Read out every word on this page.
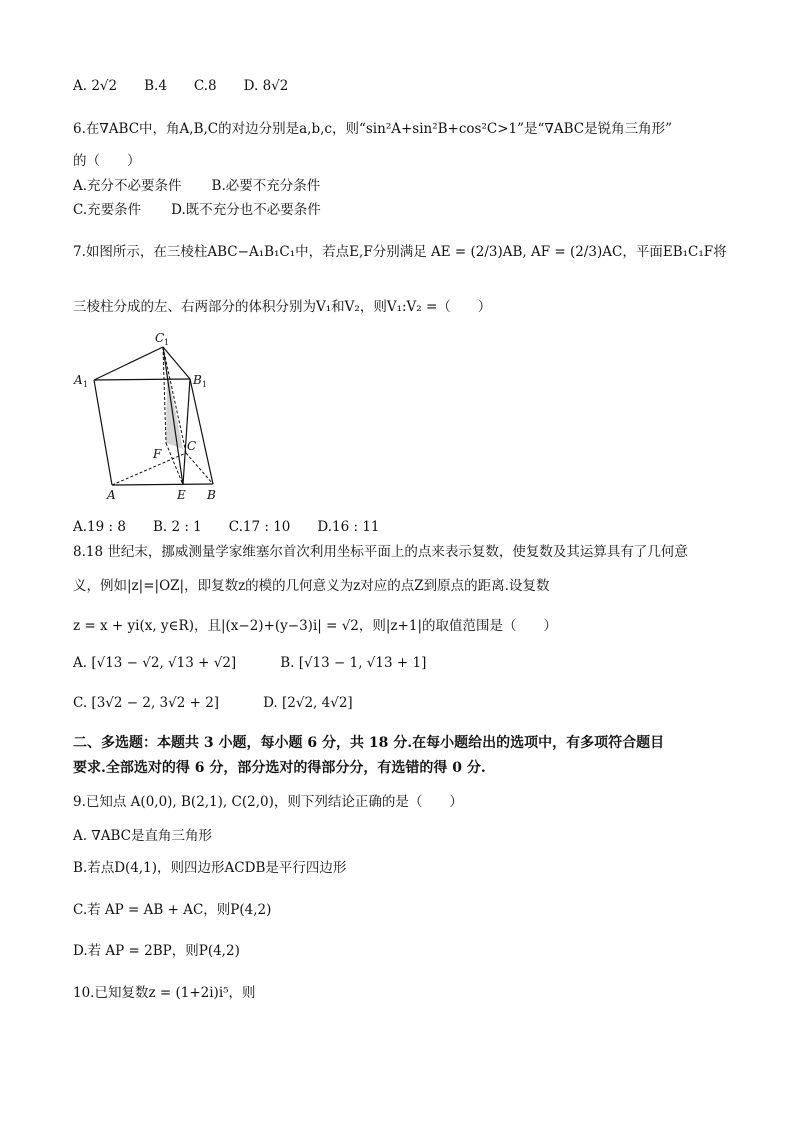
A. 2√2　　B.4　　C.8　　D. 8√2
6.在∇ABC中，角A,B,C的对边分别是a,b,c，则“sin²A+sin²B+cos²C>1”是“∇ABC是锐角三角形”
的（　　）
A.充分不必要条件 B.必要不充分条件
C.充要条件 D.既不充分也不必要条件
7.如图所示，在三棱柱ABC−A₁B₁C₁中，若点E,F分别满足 AE = (2/3)AB, AF = (2/3)AC，平面EB₁C₁F将
三棱柱分成的左、右两部分的体积分别为V₁和V₂，则V₁:V₂ =（　　）
C 1
A 1	B 1
C
F
A	E B
A.19 : 8　　B. 2 : 1　　C.17 : 10　　D.16 : 11
8.18 世纪末，挪威测量学家维塞尔首次利用坐标平面上的点来表示复数，使复数及其运算具有了几何意
义，例如|z|=|OZ|，即复数z的模的几何意义为z对应的点Z到原点的距离.设复数
z = x + yi(x, y∈R)，且|(x−2)+(y−3)i| = √2，则|z+1|的取值范围是（　　）
A. [√13 − √2, √13 + √2]	B. [√13 − 1, √13 + 1]
C. [3√2 − 2, 3√2 + 2]	D. [2√2, 4√2]
二、多选题：本题共 3 小题，每小题 6 分，共 18 分.在每小题给出的选项中，有多项符合题目
要求.全部选对的得 6 分，部分选对的得部分分，有选错的得 0 分.
9.已知点 A(0,0), B(2,1), C(2,0)，则下列结论正确的是（　　）
A. ∇ABC是直角三角形
B.若点D(4,1)，则四边形ACDB是平行四边形
C.若 AP = AB + AC，则P(4,2)
D.若 AP = 2BP，则P(4,2)
10.已知复数z = (1+2i)i⁵，则
